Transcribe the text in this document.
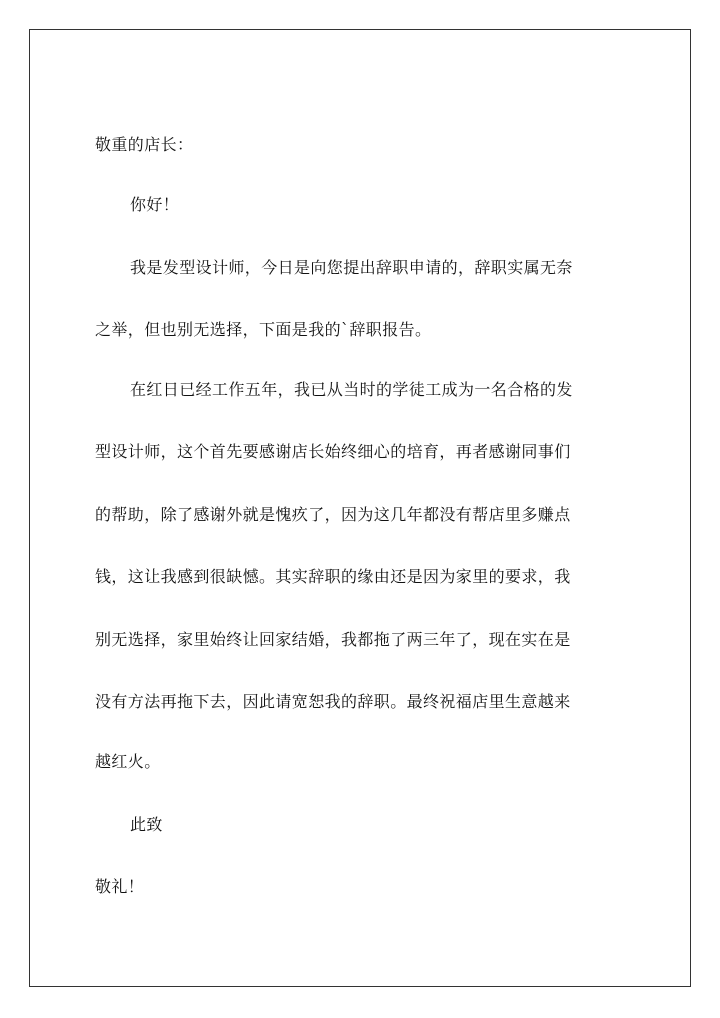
敬重的店长：
你好！
我是发型设计师，今日是向您提出辞职申请的，辞职实属无奈
之举，但也别无选择，下面是我的`辞职报告。
在红日已经工作五年，我已从当时的学徒工成为一名合格的发
型设计师，这个首先要感谢店长始终细心的培育，再者感谢同事们
的帮助，除了感谢外就是愧疚了，因为这几年都没有帮店里多赚点
钱，这让我感到很缺憾。其实辞职的缘由还是因为家里的要求，我
别无选择，家里始终让回家结婚，我都拖了两三年了，现在实在是
没有方法再拖下去，因此请宽恕我的辞职。最终祝福店里生意越来
越红火。
此致
敬礼！
